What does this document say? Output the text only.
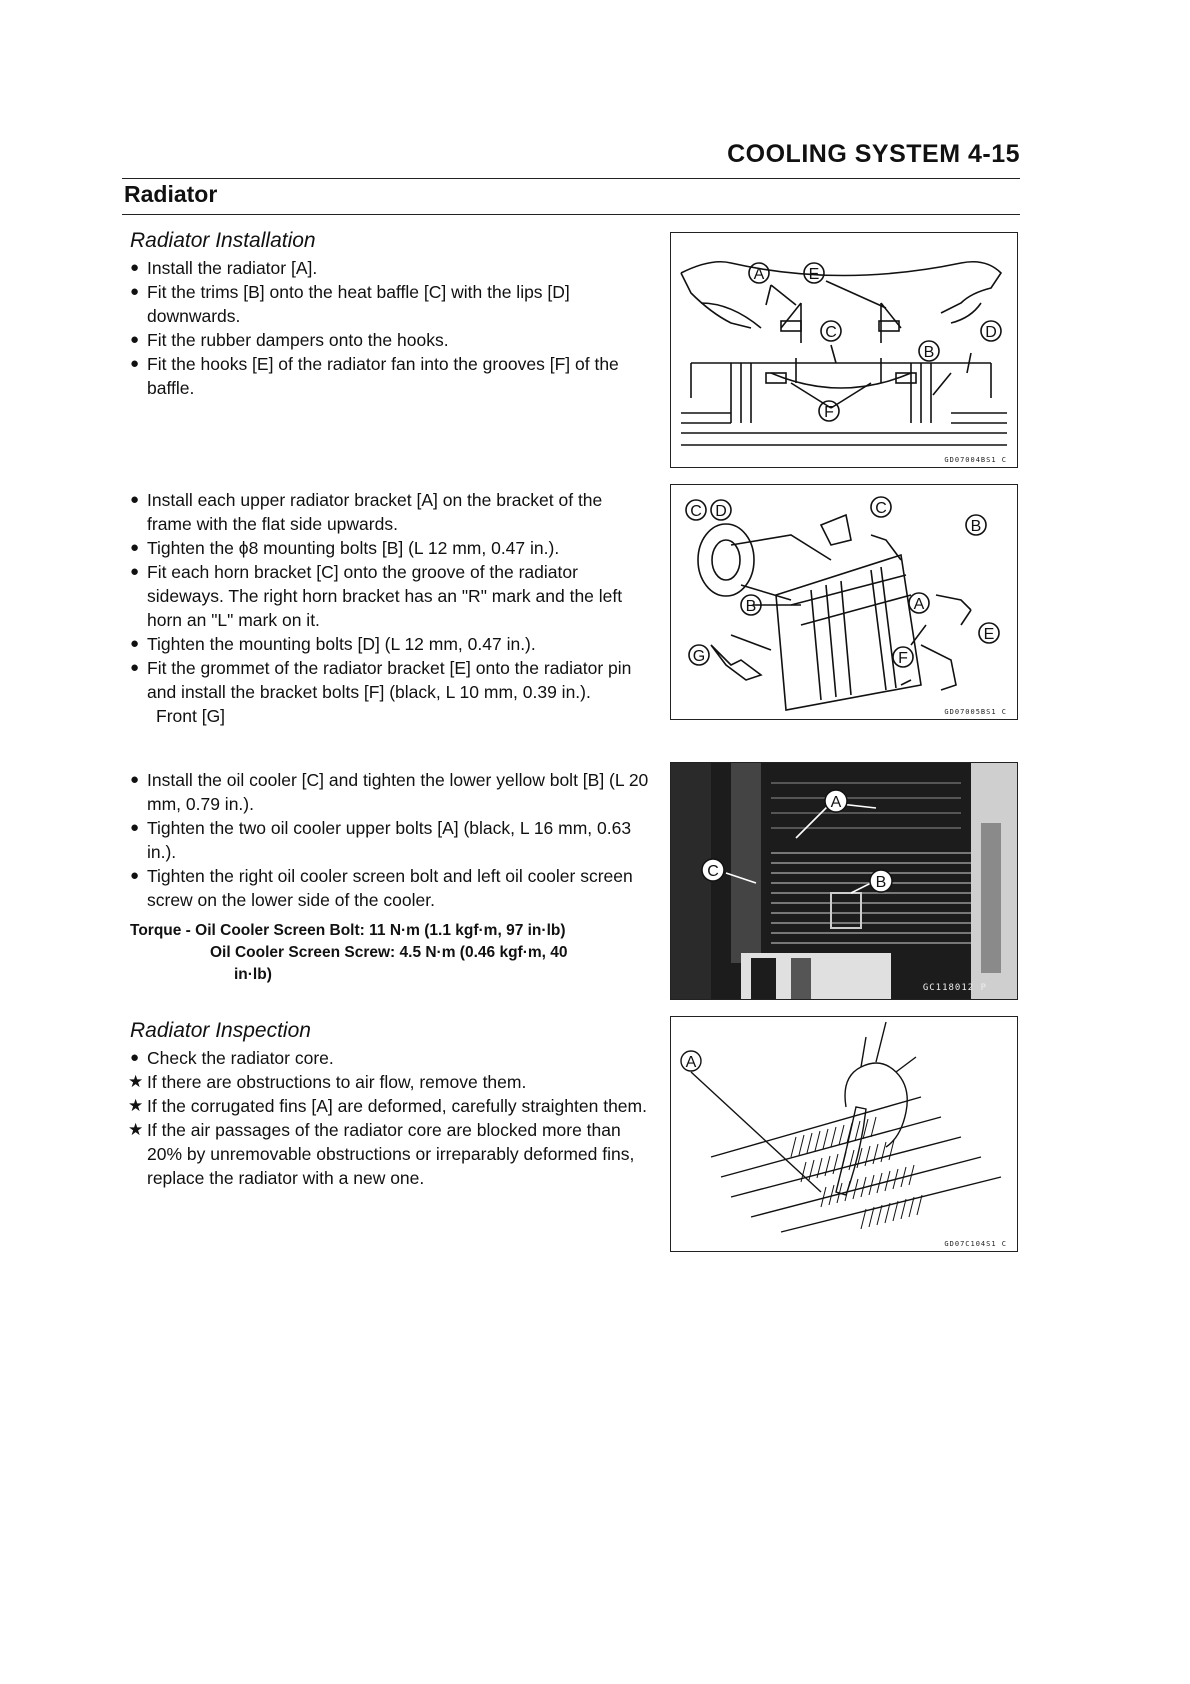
COOLING SYSTEM 4-15
Radiator
Radiator Installation
● Install the radiator [A].
● Fit the trims [B] onto the heat baffle [C] with the lips [D] downwards.
● Fit the rubber dampers onto the hooks.
● Fit the hooks [E] of the radiator fan into the grooves [F] of the baffle.
● Install each upper radiator bracket [A] on the bracket of the frame with the flat side upwards.
● Tighten the ϕ8 mounting bolts [B] (L 12 mm, 0.47 in.).
● Fit each horn bracket [C] onto the groove of the radiator sideways. The right horn bracket has an "R" mark and the left horn an "L" mark on it.
● Tighten the mounting bolts [D] (L 12 mm, 0.47 in.).
● Fit the grommet of the radiator bracket [E] onto the radiator pin and install the bracket bolts [F] (black, L 10 mm, 0.39 in.).
Front [G]
● Install the oil cooler [C] and tighten the lower yellow bolt [B] (L 20 mm, 0.79 in.).
● Tighten the two oil cooler upper bolts [A] (black, L 16 mm, 0.63 in.).
● Tighten the right oil cooler screen bolt and left oil cooler screen screw on the lower side of the cooler.
Torque - Oil Cooler Screen Bolt: 11 N·m (1.1 kgf·m, 97 in·lb)
Oil Cooler Screen Screw: 4.5 N·m (0.46 kgf·m, 40
in·lb)
Radiator Inspection
● Check the radiator core.
★ If there are obstructions to air flow, remove them.
★ If the corrugated fins [A] are deformed, carefully straighten them.
★ If the air passages of the radiator core are blocked more than 20% by unremovable obstructions or irreparably deformed fins, replace the radiator with a new one.
A	E
C
B
D
F
GD07004BS1 C
C D	C
B
B	A
E
G	F
GD07005BS1 C
A
C
B
GC118012 P
A
GD07C104S1 C
